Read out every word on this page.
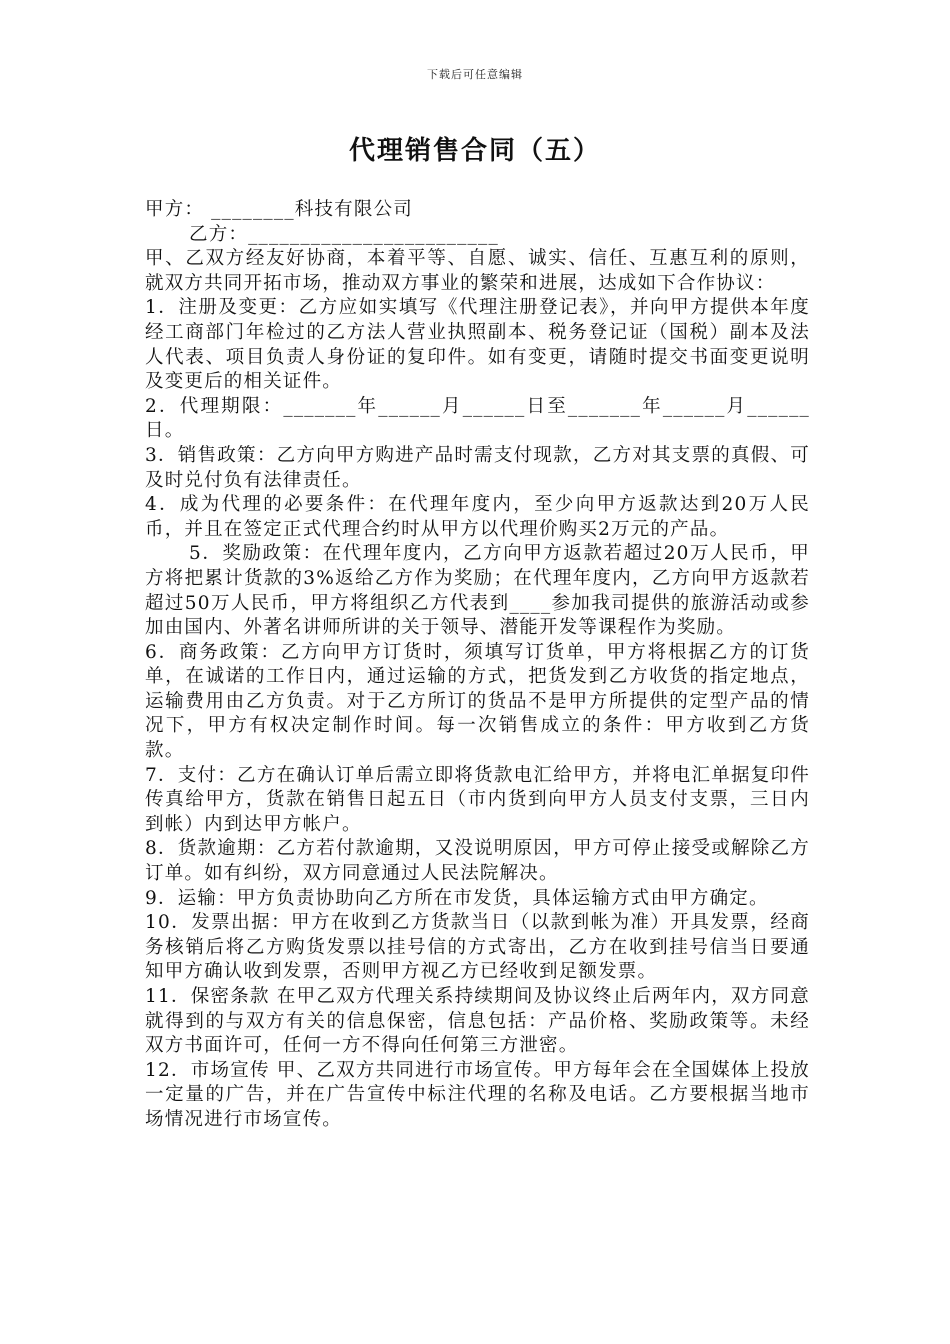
下载后可任意编辑
代理销售合同（五）

甲方： ________科技有限公司

乙方：________________________

甲、乙双方经友好协商，本着平等、自愿、诚实、信任、互惠互利的原则，就双方共同开拓市场，推动双方事业的繁荣和进展，达成如下合作协议：

1．注册及变更：乙方应如实填写《代理注册登记表》，并向甲方提供本年度经工商部门年检过的乙方法人营业执照副本、税务登记证（国税）副本及法人代表、项目负责人身份证的复印件。如有变更，请随时提交书面变更说明及变更后的相关证件。

2．代理期限：_______年______月______日至_______年______月______日。

3．销售政策：乙方向甲方购进产品时需支付现款，乙方对其支票的真假、可及时兑付负有法律责任。

4．成为代理的必要条件：在代理年度内，至少向甲方返款达到20万人民币，并且在签定正式代理合约时从甲方以代理价购买2万元的产品。

5．奖励政策：在代理年度内，乙方向甲方返款若超过20万人民币，甲方将把累计货款的3%返给乙方作为奖励；在代理年度内，乙方向甲方返款若超过50万人民币，甲方将组织乙方代表到____参加我司提供的旅游活动或参加由国内、外著名讲师所讲的关于领导、潜能开发等课程作为奖励。

6．商务政策：乙方向甲方订货时，须填写订货单，甲方将根据乙方的订货单，在诚诺的工作日内，通过运输的方式，把货发到乙方收货的指定地点，运输费用由乙方负责。对于乙方所订的货品不是甲方所提供的定型产品的情况下，甲方有权决定制作时间。每一次销售成立的条件：甲方收到乙方货款。

7．支付：乙方在确认订单后需立即将货款电汇给甲方，并将电汇单据复印件传真给甲方，货款在销售日起五日（市内货到向甲方人员支付支票，三日内到帐）内到达甲方帐户。

8．货款逾期：乙方若付款逾期，又没说明原因，甲方可停止接受或解除乙方订单。如有纠纷，双方同意通过人民法院解决。

9．运输：甲方负责协助向乙方所在市发货，具体运输方式由甲方确定。

10．发票出据：甲方在收到乙方货款当日（以款到帐为准）开具发票，经商务核销后将乙方购货发票以挂号信的方式寄出，乙方在收到挂号信当日要通知甲方确认收到发票，否则甲方视乙方已经收到足额发票。

11．保密条款 在甲乙双方代理关系持续期间及协议终止后两年内，双方同意就得到的与双方有关的信息保密，信息包括：产品价格、奖励政策等。未经双方书面许可，任何一方不得向任何第三方泄密。

12．市场宣传 甲、乙双方共同进行市场宣传。甲方每年会在全国媒体上投放一定量的广告，并在广告宣传中标注代理的名称及电话。乙方要根据当地市场情况进行市场宣传。
